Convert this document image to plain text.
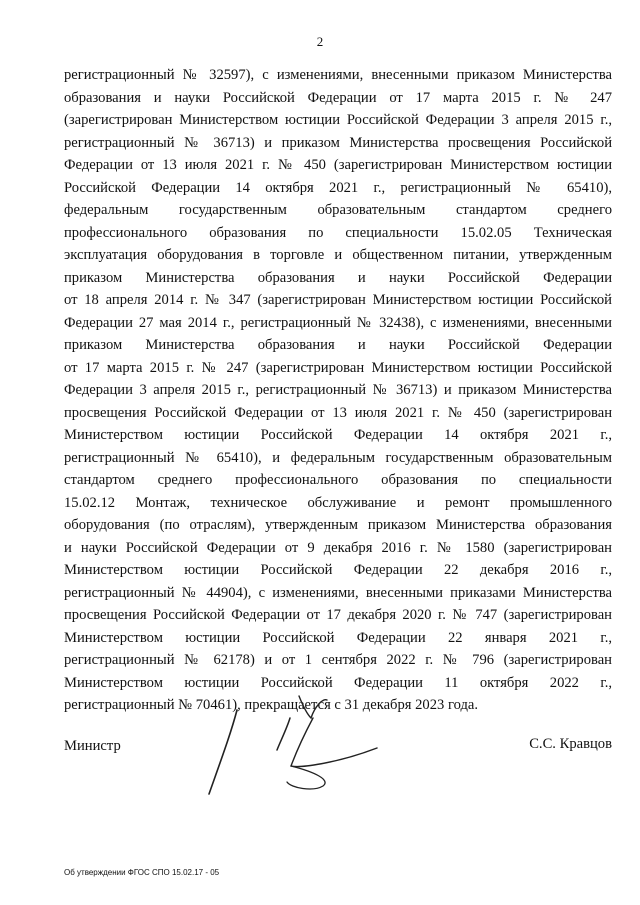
2
регистрационный № 32597), с изменениями, внесенными приказом Министерства
образования и науки Российской Федерации от 17 марта 2015 г. № 247
(зарегистрирован Министерством юстиции Российской Федерации 3 апреля 2015 г.,
регистрационный № 36713) и приказом Министерства просвещения Российской
Федерации от 13 июля 2021 г. № 450 (зарегистрирован Министерством юстиции
Российской Федерации 14 октября 2021 г., регистрационный № 65410),
федеральным государственным образовательным стандартом среднего
профессионального образования по специальности 15.02.05 Техническая
эксплуатация оборудования в торговле и общественном питании, утвержденным
приказом Министерства образования и науки Российской Федерации
от 18 апреля 2014 г. № 347 (зарегистрирован Министерством юстиции Российской
Федерации 27 мая 2014 г., регистрационный № 32438), с изменениями, внесенными
приказом Министерства образования и науки Российской Федерации
от 17 марта 2015 г. № 247 (зарегистрирован Министерством юстиции Российской
Федерации 3 апреля 2015 г., регистрационный № 36713) и приказом Министерства
просвещения Российской Федерации от 13 июля 2021 г. № 450 (зарегистрирован
Министерством юстиции Российской Федерации 14 октября 2021 г.,
регистрационный № 65410), и федеральным государственным образовательным
стандартом среднего профессионального образования по специальности
15.02.12 Монтаж, техническое обслуживание и ремонт промышленного
оборудования (по отраслям), утвержденным приказом Министерства образования
и науки Российской Федерации от 9 декабря 2016 г. № 1580 (зарегистрирован
Министерством юстиции Российской Федерации 22 декабря 2016 г.,
регистрационный № 44904), с изменениями, внесенными приказами Министерства
просвещения Российской Федерации от 17 декабря 2020 г. № 747 (зарегистрирован
Министерством юстиции Российской Федерации 22 января 2021 г.,
регистрационный № 62178) и от 1 сентября 2022 г. № 796 (зарегистрирован
Министерством юстиции Российской Федерации 11 октября 2022 г.,
регистрационный № 70461), прекращается с 31 декабря 2023 года.
Министр	С.С. Кравцов
Об утверждении ФГОС СПО 15.02.17 - 05
